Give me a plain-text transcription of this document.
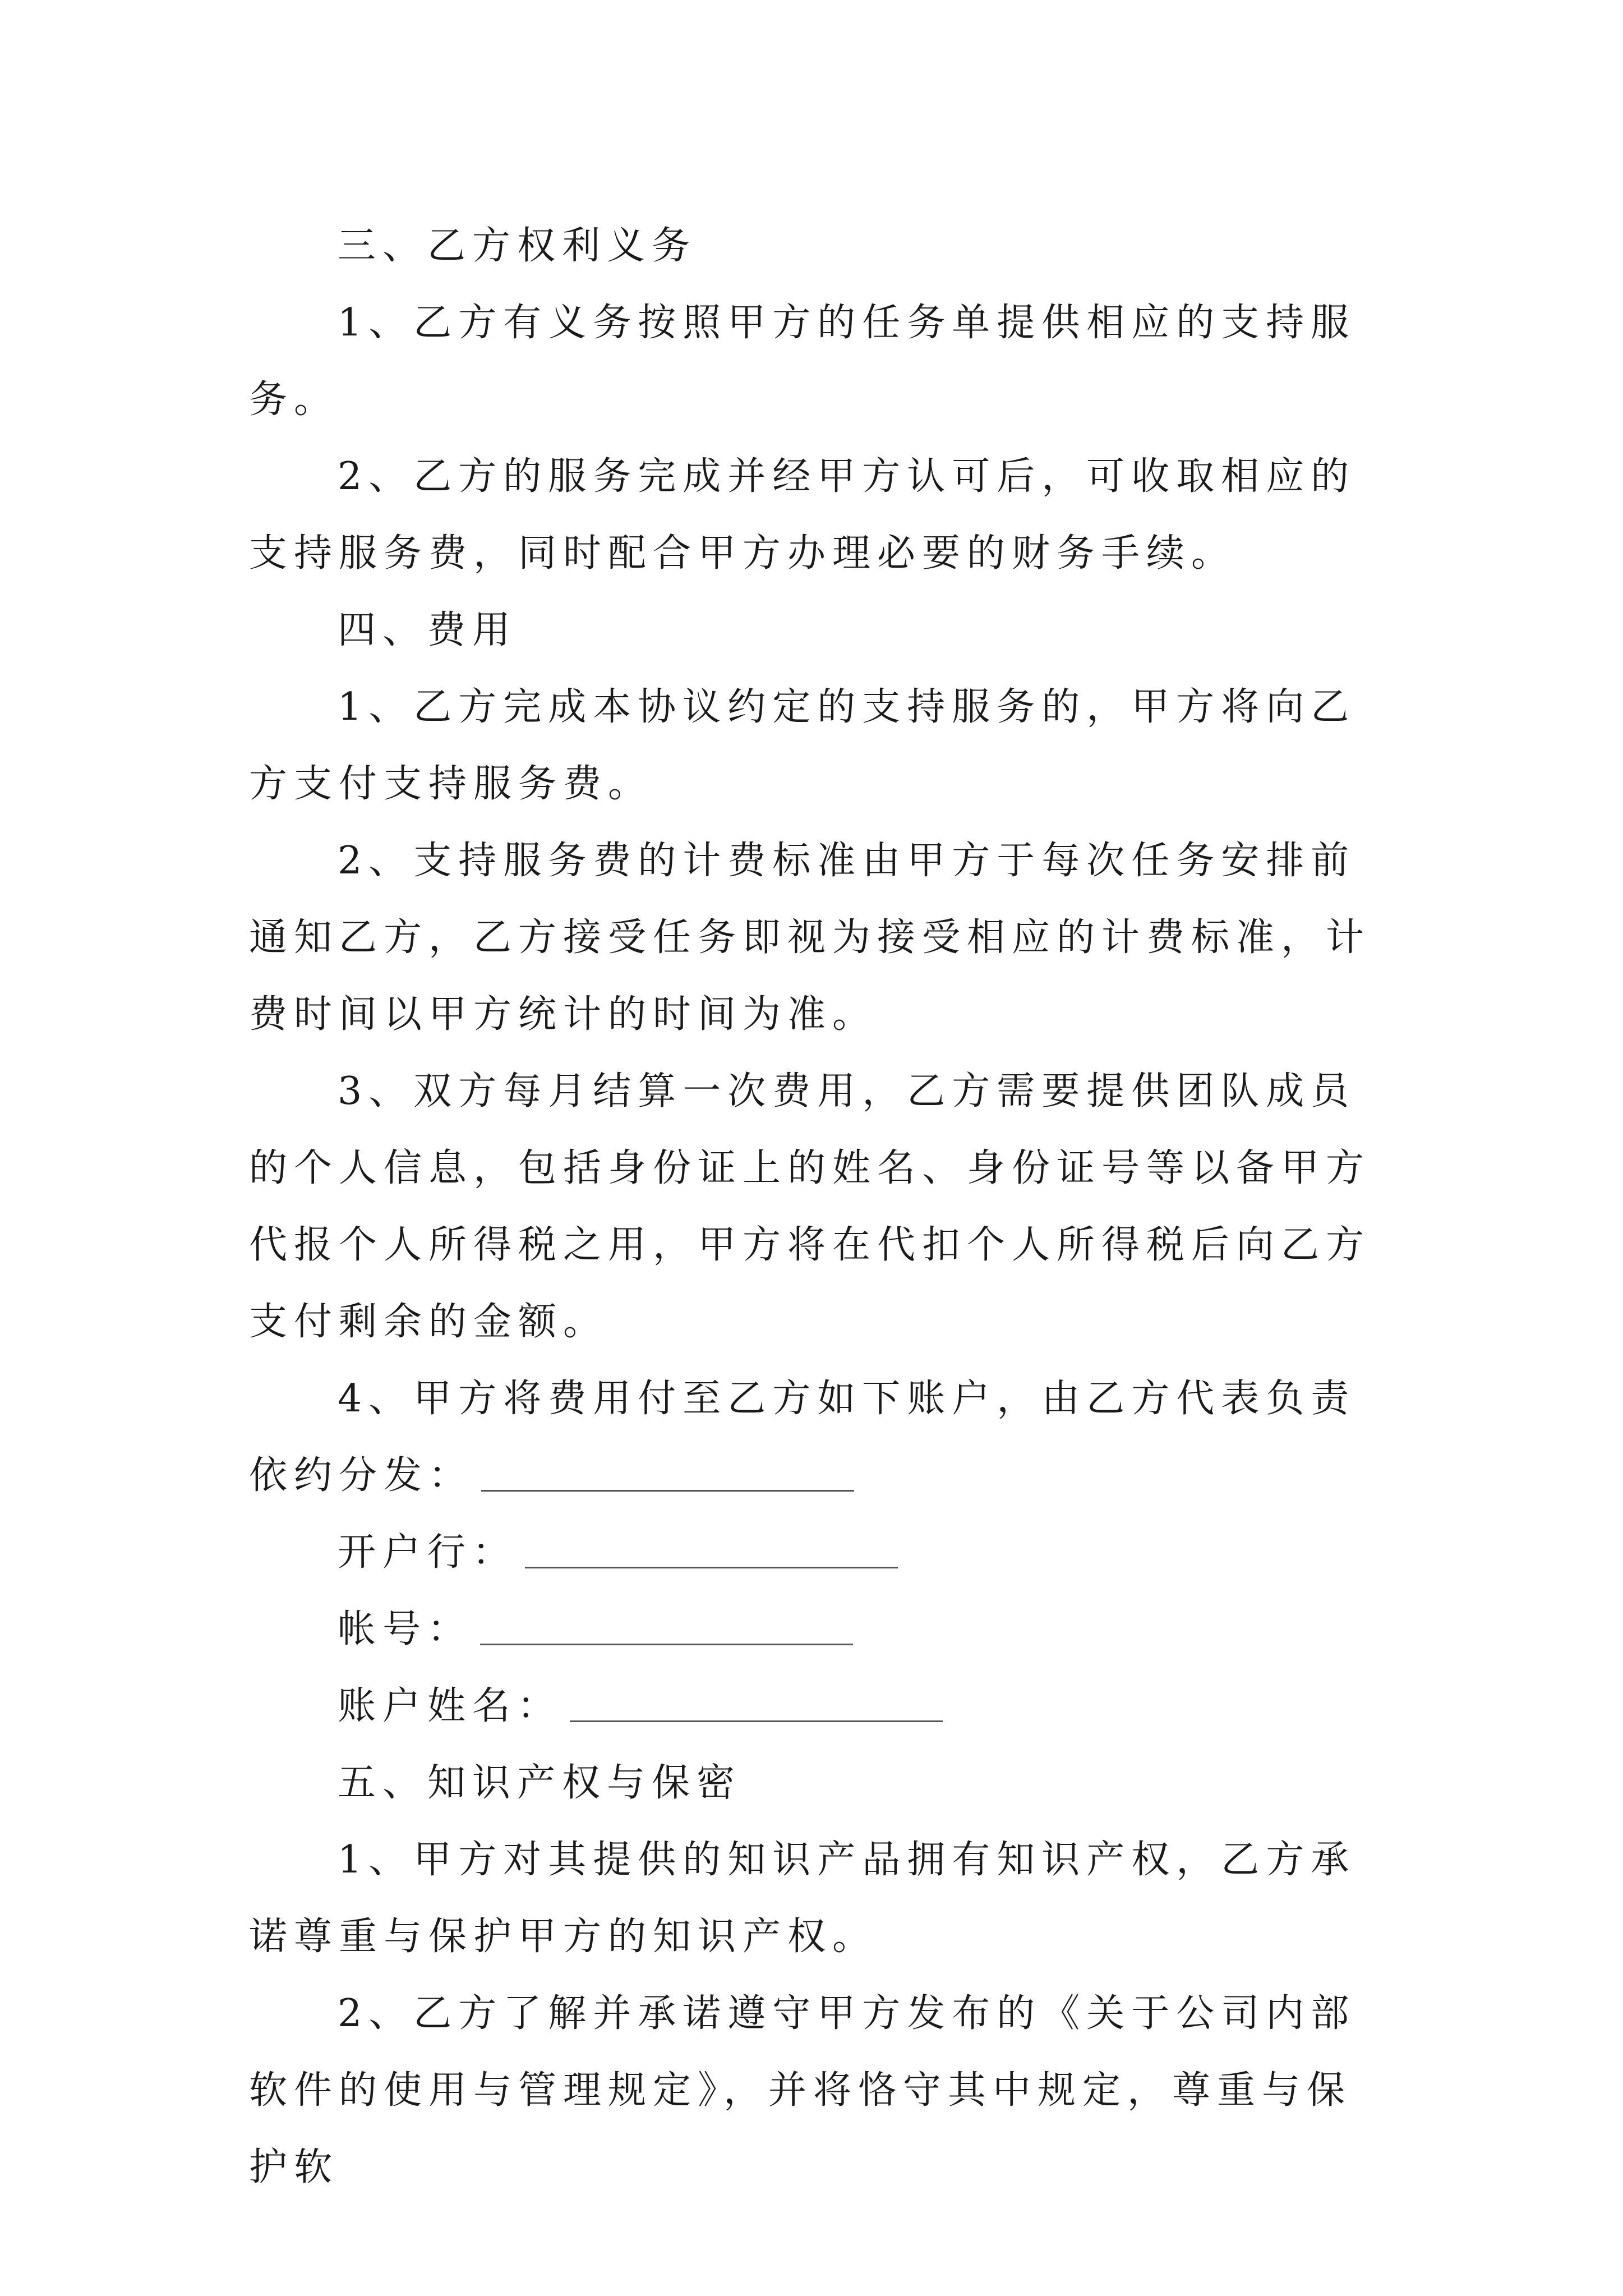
三、乙方权利义务

1、乙方有义务按照甲方的任务单提供相应的支持服务。

2、乙方的服务完成并经甲方认可后，可收取相应的支持服务费，同时配合甲方办理必要的财务手续。

四、费用

1、乙方完成本协议约定的支持服务的，甲方将向乙方支付支持服务费。

2、支持服务费的计费标准由甲方于每次任务安排前通知乙方，乙方接受任务即视为接受相应的计费标准，计费时间以甲方统计的时间为准。

3、双方每月结算一次费用，乙方需要提供团队成员的个人信息，包括身份证上的姓名、身份证号等以备甲方代报个人所得税之用，甲方将在代扣个人所得税后向乙方支付剩余的金额。

4、甲方将费用付至乙方如下账户，由乙方代表负责依约分发：

开户行：

帐号：

账户姓名：

五、知识产权与保密

1、甲方对其提供的知识产品拥有知识产权，乙方承诺尊重与保护甲方的知识产权。

2、乙方了解并承诺遵守甲方发布的《关于公司内部软件的使用与管理规定》，并将恪守其中规定，尊重与保护软
